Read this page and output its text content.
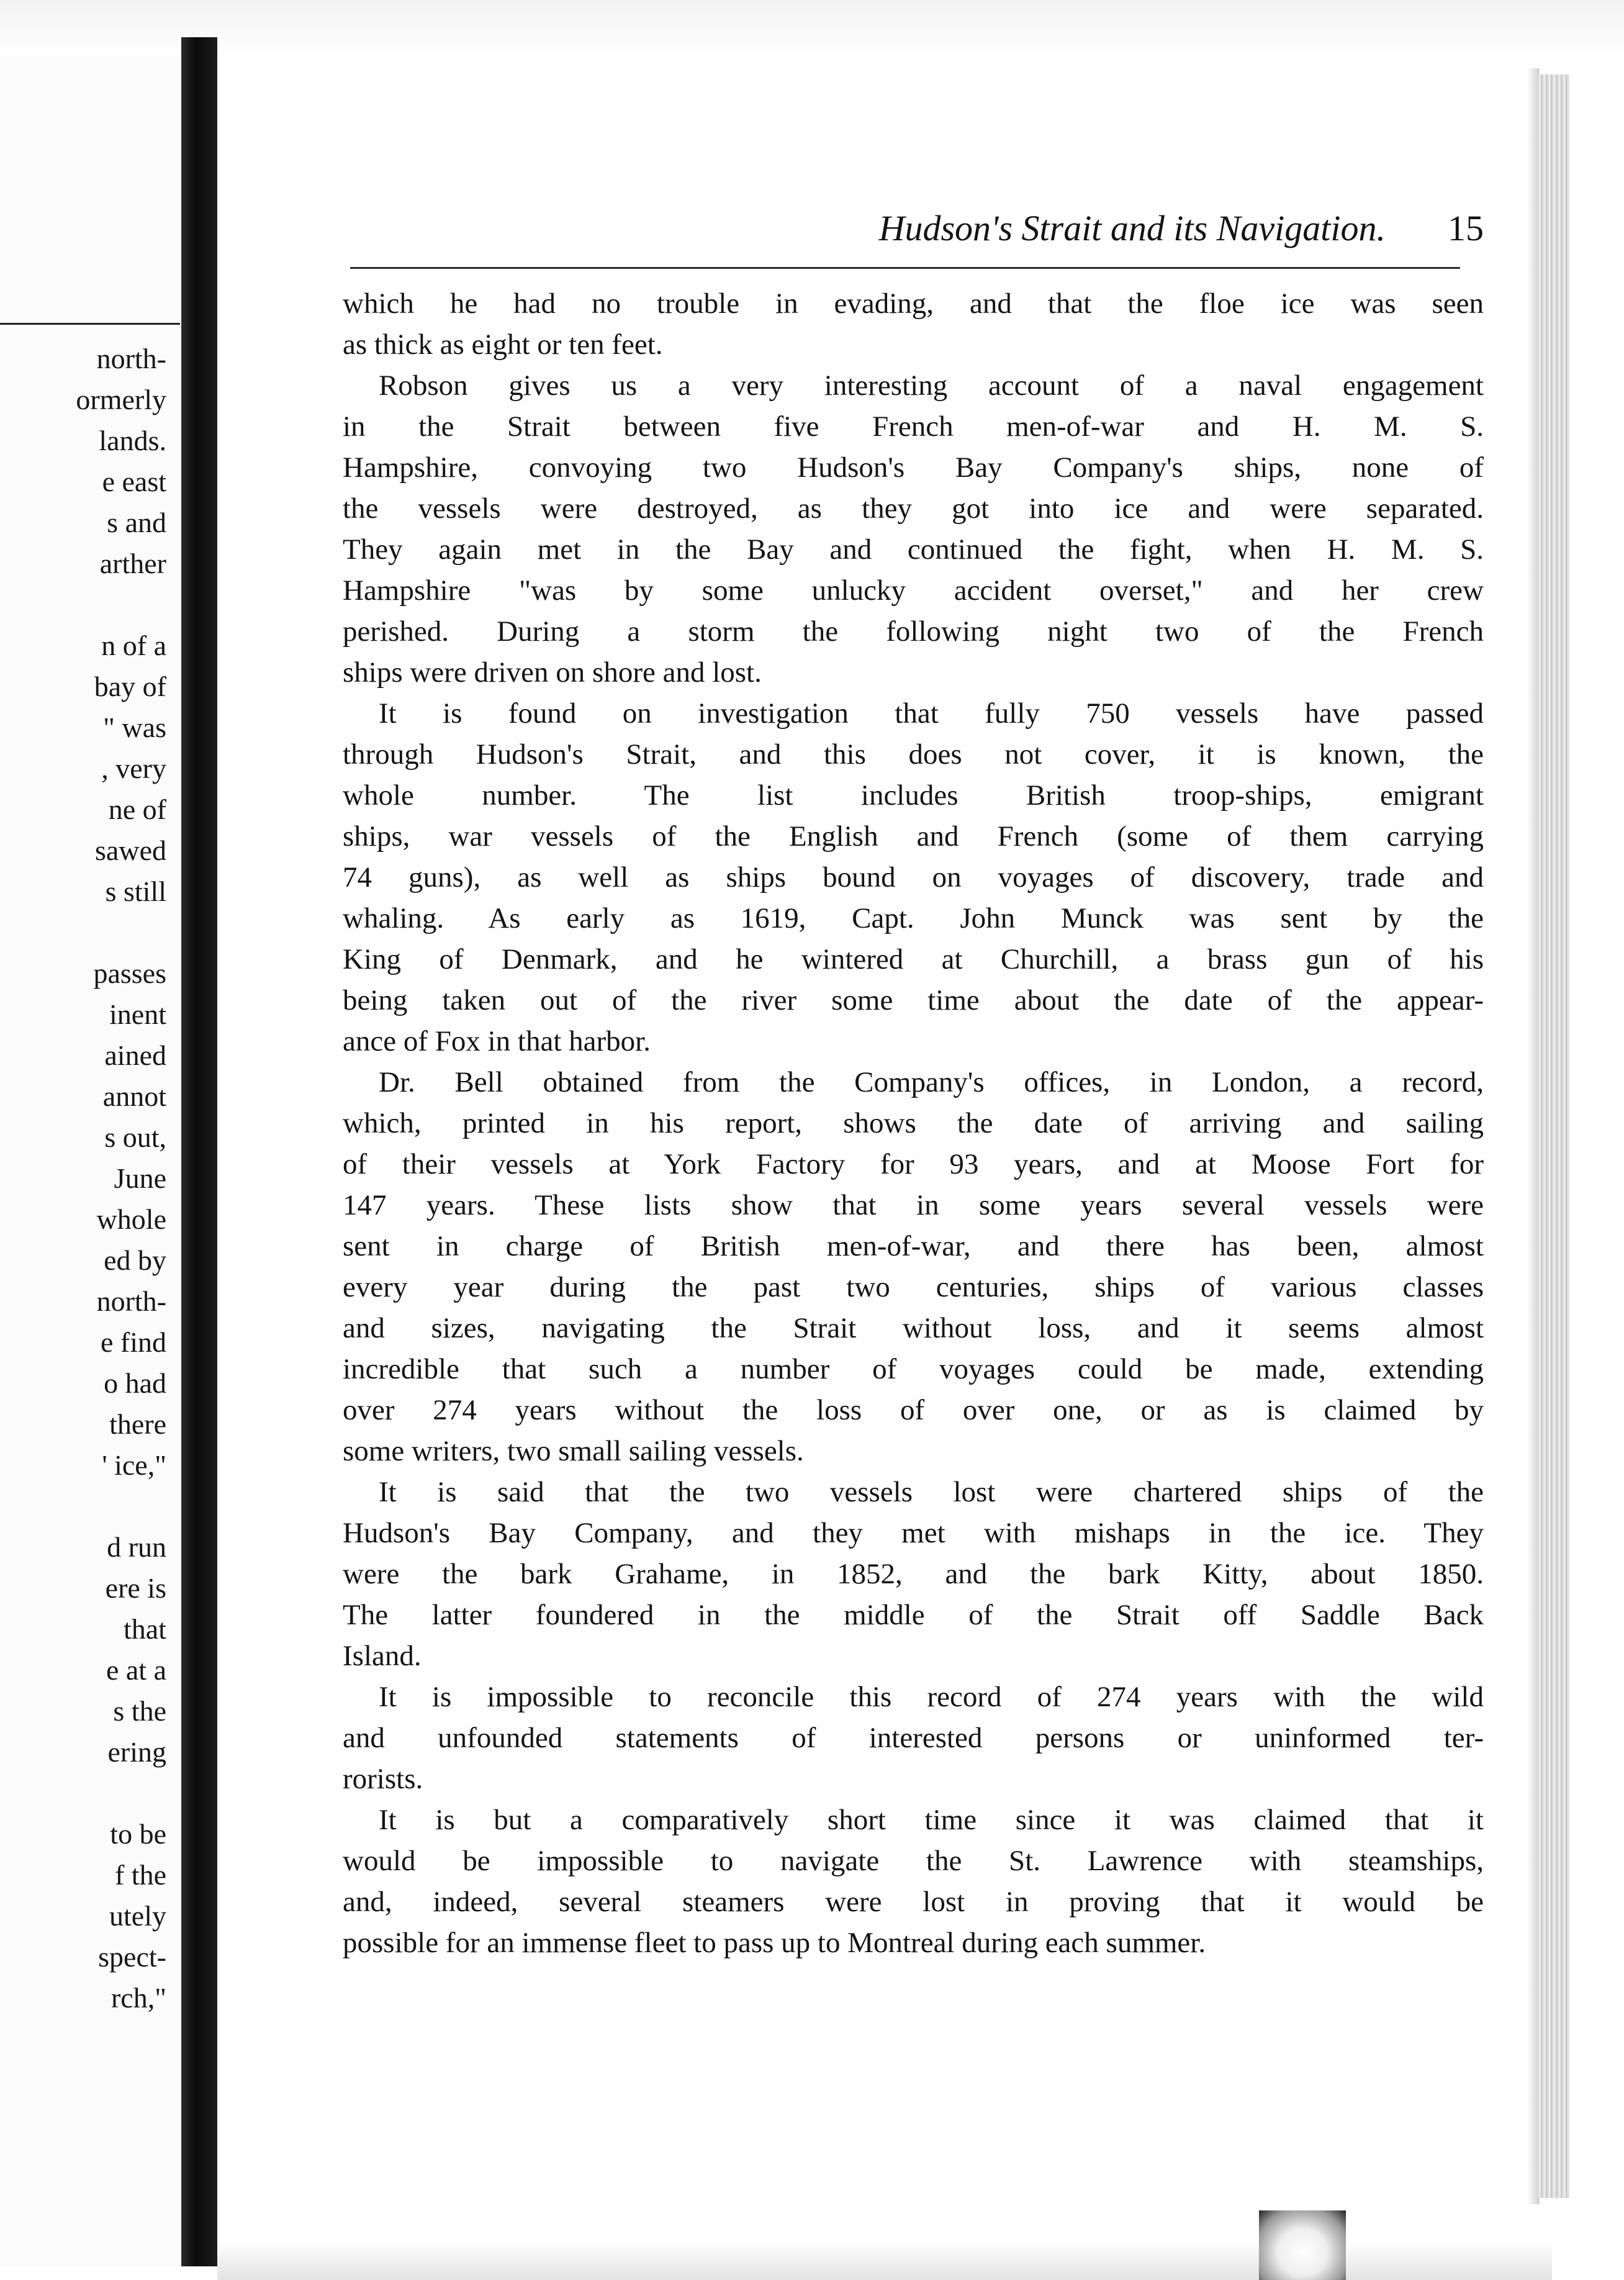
north-
ormerly
lands.
e east
s and
arther
n of a
bay of
" was
, very
ne of
sawed
s still
passes
inent
ained
annot
s out,
June
whole
ed by
north-
e find
o had
there
' ice,"
d run
ere is
that
e at a
s the
ering
to be
f the
utely
spect-
rch,"
Hudson's Strait and its Navigation. 15
which he had no trouble in evading, and that the floe ice was seen
as thick as eight or ten feet.
Robson gives us a very interesting account of a naval engagement
in the Strait between five French men-of-war and H. M. S.
Hampshire, convoying two Hudson's Bay Company's ships, none of
the vessels were destroyed, as they got into ice and were separated.
They again met in the Bay and continued the fight, when H. M. S.
Hampshire "was by some unlucky accident overset," and her crew
perished. During a storm the following night two of the French
ships were driven on shore and lost.
It is found on investigation that fully 750 vessels have passed
through Hudson's Strait, and this does not cover, it is known, the
whole number. The list includes British troop-ships, emigrant
ships, war vessels of the English and French (some of them carrying
74 guns), as well as ships bound on voyages of discovery, trade and
whaling. As early as 1619, Capt. John Munck was sent by the
King of Denmark, and he wintered at Churchill, a brass gun of his
being taken out of the river some time about the date of the appear-
ance of Fox in that harbor.
Dr. Bell obtained from the Company's offices, in London, a record,
which, printed in his report, shows the date of arriving and sailing
of their vessels at York Factory for 93 years, and at Moose Fort for
147 years. These lists show that in some years several vessels were
sent in charge of British men-of-war, and there has been, almost
every year during the past two centuries, ships of various classes
and sizes, navigating the Strait without loss, and it seems almost
incredible that such a number of voyages could be made, extending
over 274 years without the loss of over one, or as is claimed by
some writers, two small sailing vessels.
It is said that the two vessels lost were chartered ships of the
Hudson's Bay Company, and they met with mishaps in the ice. They
were the bark Grahame, in 1852, and the bark Kitty, about 1850.
The latter foundered in the middle of the Strait off Saddle Back
Island.
It is impossible to reconcile this record of 274 years with the wild
and unfounded statements of interested persons or uninformed ter-
rorists.
It is but a comparatively short time since it was claimed that it
would be impossible to navigate the St. Lawrence with steamships,
and, indeed, several steamers were lost in proving that it would be
possible for an immense fleet to pass up to Montreal during each summer.
